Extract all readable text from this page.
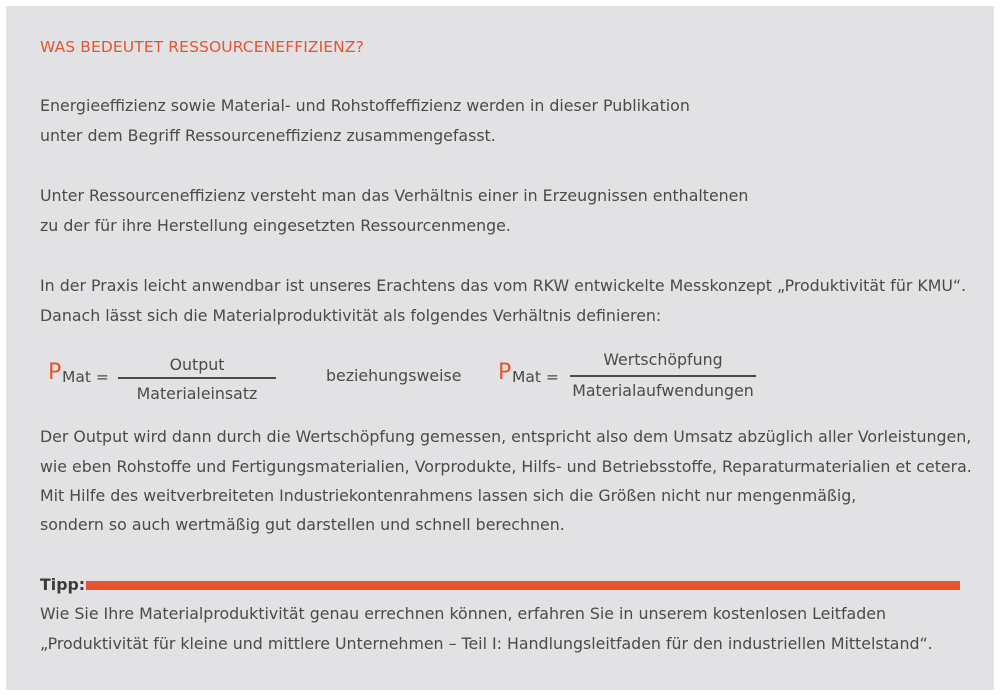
WAS BEDEUTET RESSOURCENEFFIZIENZ?
Energieeffizienz sowie Material- und Rohstoffeffizienz werden in dieser Publikation
unter dem Begriff Ressourceneffizienz zusammengefasst.
Unter Ressourceneffizienz versteht man das Verhältnis einer in Erzeugnissen enthaltenen
zu der für ihre Herstellung eingesetzten Ressourcenmenge.
In der Praxis leicht anwendbar ist unseres Erachtens das vom RKW entwickelte Messkonzept „Produktivität für KMU“.
Danach lässt sich die Materialproduktivität als folgendes Verhältnis definieren:
P Mat =
Output
Materialeinsatz
beziehungsweise P Mat =
Wertschöpfung
Materialaufwendungen
Der Output wird dann durch die Wertschöpfung gemessen, entspricht also dem Umsatz abzüglich aller Vorleistungen,
wie eben Rohstoffe und Fertigungsmaterialien, Vorprodukte, Hilfs- und Betriebsstoffe, Reparaturmaterialien et cetera.
Mit Hilfe des weitverbreiteten Industriekontenrahmens lassen sich die Größen nicht nur mengenmäßig,
sondern so auch wertmäßig gut darstellen und schnell berechnen.
Tipp:
Wie Sie Ihre Materialproduktivität genau errechnen können, erfahren Sie in unserem kostenlosen Leitfaden
„Produktivität für kleine und mittlere Unternehmen – Teil I: Handlungsleitfaden für den industriellen Mittelstand“.
